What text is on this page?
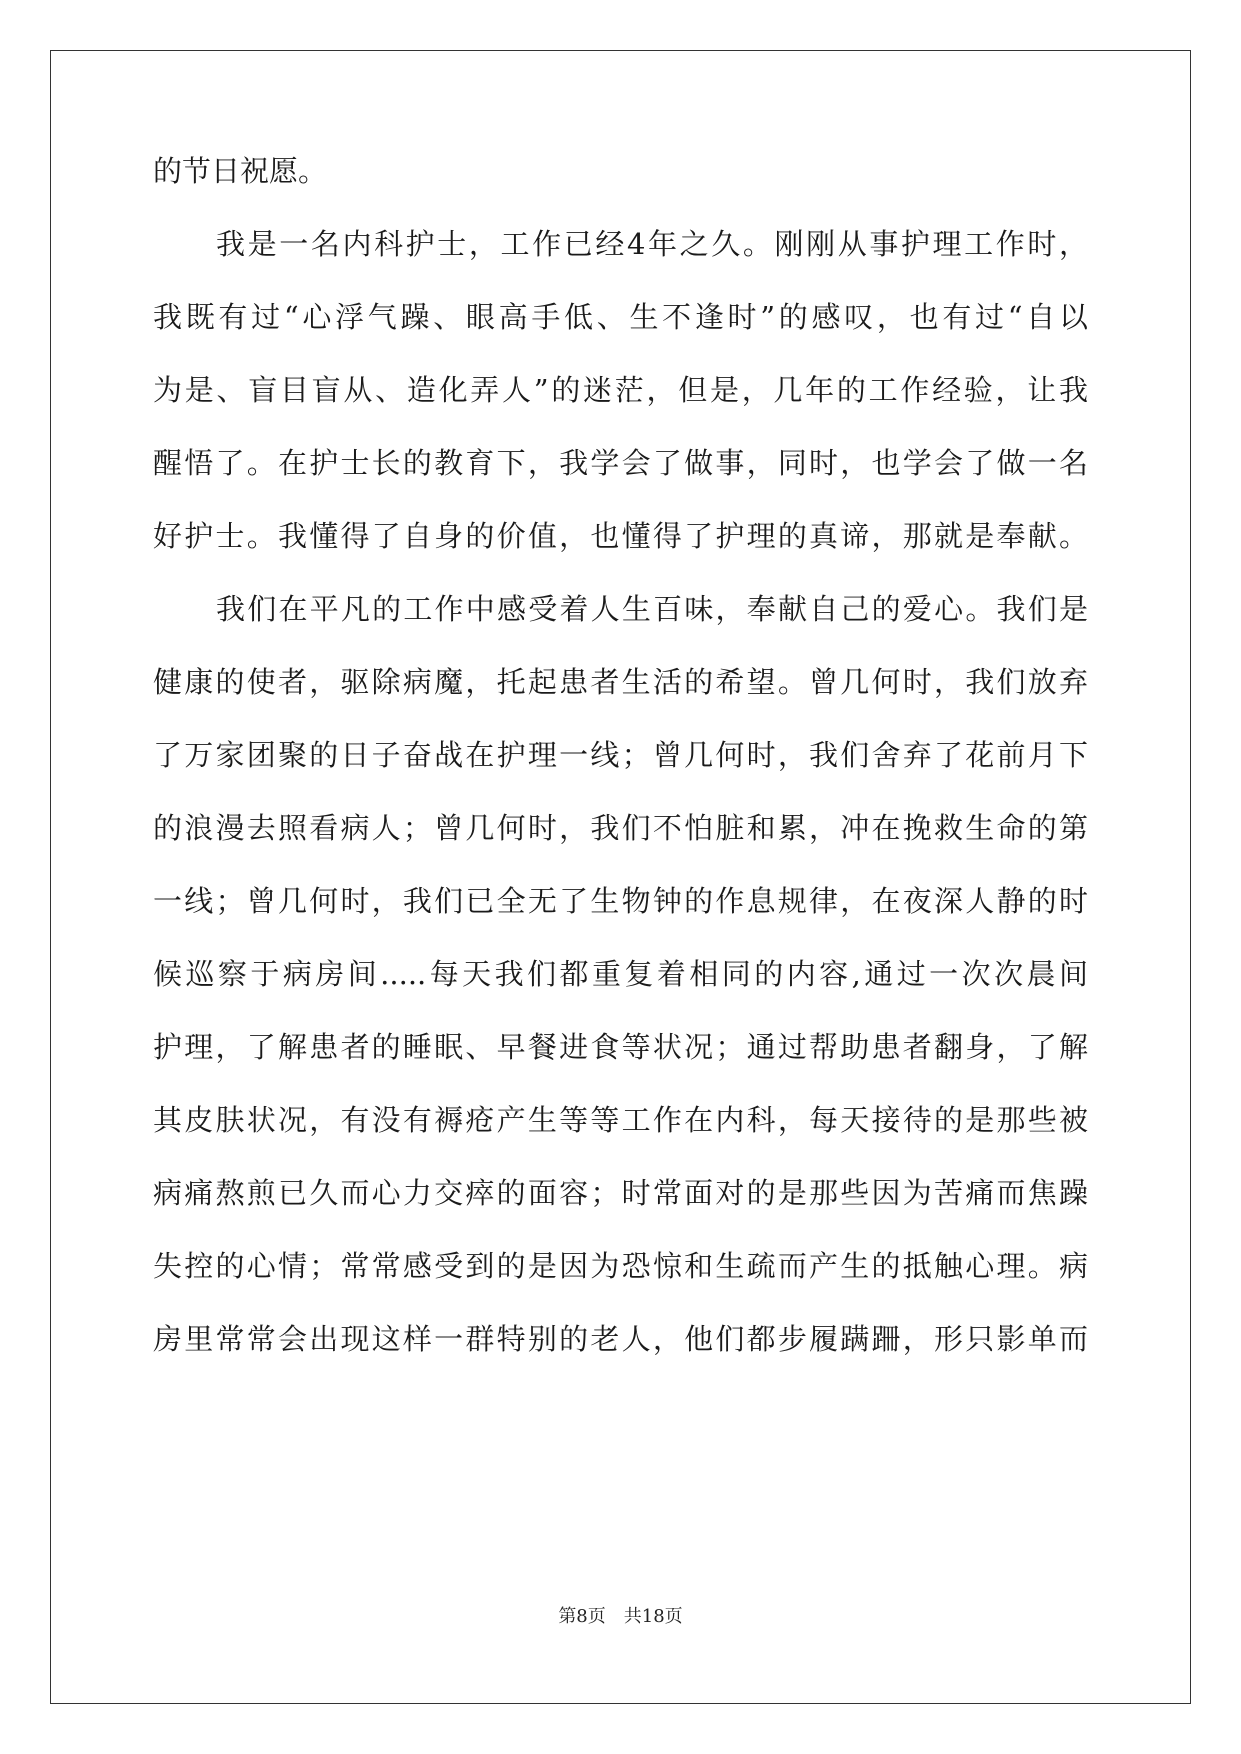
的节日祝愿。
我是一名内科护士，工作已经4年之久。刚刚从事护理工作时，
我既有过“心浮气躁、眼高手低、生不逢时”的感叹，也有过“自以
为是、盲目盲从、造化弄人”的迷茫，但是，几年的工作经验，让我
醒悟了。在护士长的教育下，我学会了做事，同时，也学会了做一名
好护士。我懂得了自身的价值，也懂得了护理的真谛，那就是奉献。
我们在平凡的工作中感受着人生百味，奉献自己的爱心。我们是
健康的使者，驱除病魔，托起患者生活的希望。曾几何时，我们放弃
了万家团聚的日子奋战在护理一线；曾几何时，我们舍弃了花前月下
的浪漫去照看病人；曾几何时，我们不怕脏和累，冲在挽救生命的第
一线；曾几何时，我们已全无了生物钟的作息规律，在夜深人静的时
候巡察于病房间.....每天我们都重复着相同的内容,通过一次次晨间
护理，了解患者的睡眠、早餐进食等状况；通过帮助患者翻身，了解
其皮肤状况，有没有褥疮产生等等工作在内科，每天接待的是那些被
病痛熬煎已久而心力交瘁的面容；时常面对的是那些因为苦痛而焦躁
失控的心情；常常感受到的是因为恐惊和生疏而产生的抵触心理。病
房里常常会出现这样一群特别的老人，他们都步履蹒跚，形只影单而
第8页 共18页
